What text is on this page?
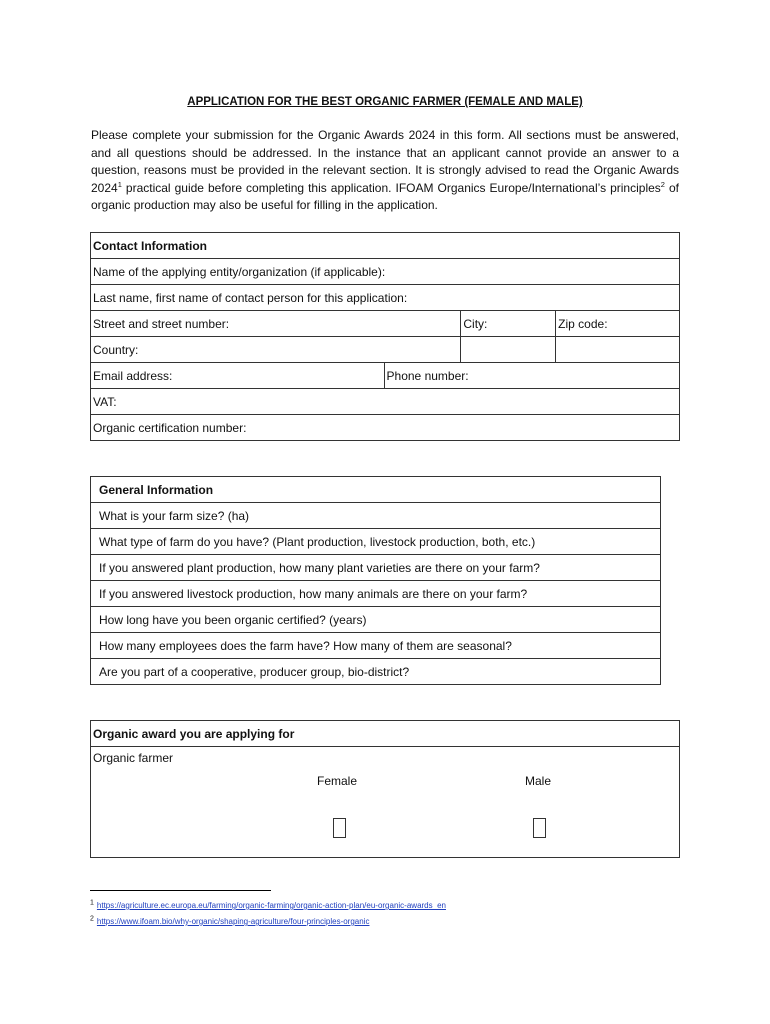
APPLICATION FOR THE BEST ORGANIC FARMER (FEMALE AND MALE)
Please complete your submission for the Organic Awards 2024 in this form. All sections must be answered, and all questions should be addressed. In the instance that an applicant cannot provide an answer to a question, reasons must be provided in the relevant section. It is strongly advised to read the Organic Awards 2024$^1$ practical guide before completing this application. IFOAM Organics Europe/International’s principles$^2$ of organic production may also be useful for filling in the application.
Contact Information			
Name of the applying entity/organization (if applicable):			
Last name, first name of contact person for this application:			
Street and street number:		City:	Zip code:
Country:			
Email address:	Phone number:		
VAT:			
Organic certification number:			
General Information
What is your farm size? (ha)
What type of farm do you have? (Plant production, livestock production, both, etc.)
If you answered plant production, how many plant varieties are there on your farm?
If you answered livestock production, how many animals are there on your farm?
How long have you been organic certified? (years)
How many employees does the farm have? How many of them are seasonal?
Are you part of a cooperative, producer group, bio-district?
Organic award you are applying for

Organic farmer
Female	Male
$^1$ https://agriculture.ec.europa.eu/farming/organic-farming/organic-action-plan/eu-organic-awards_en
$^2$ https://www.ifoam.bio/why-organic/shaping-agriculture/four-principles-organic
